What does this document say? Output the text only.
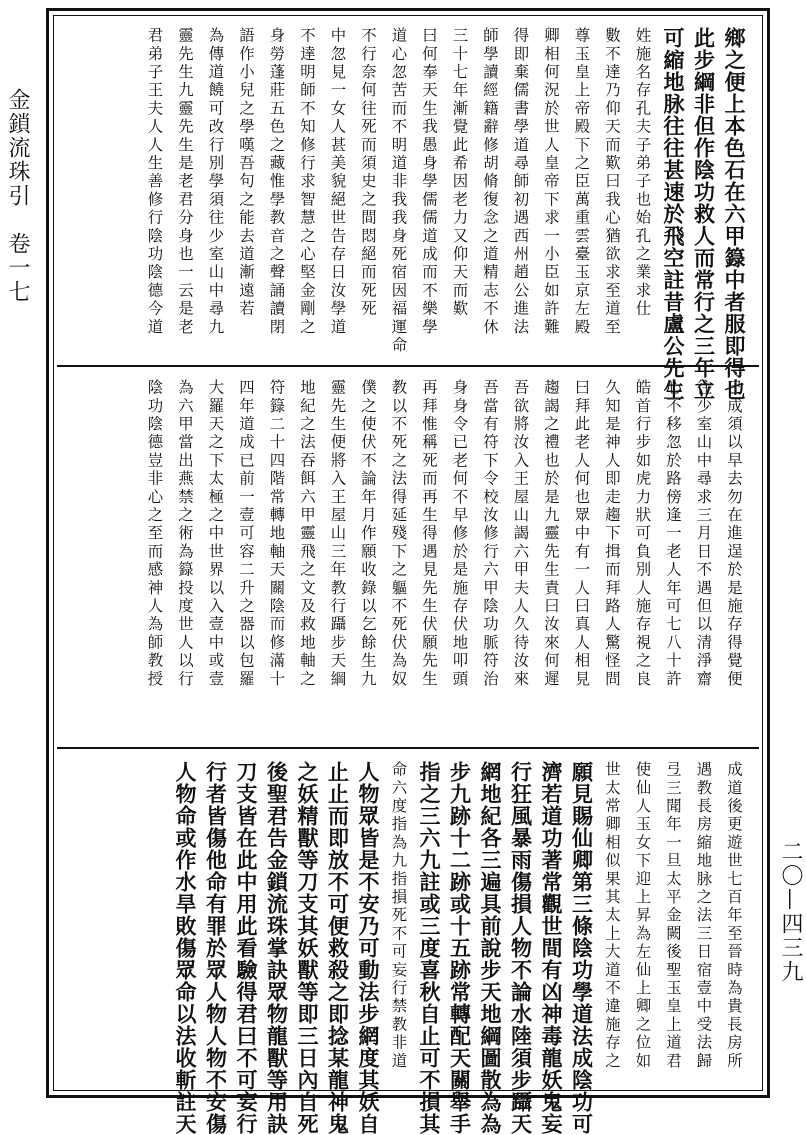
金鎖流珠引　卷一七
二〇—四三九
鄉之便上本色石在六甲籙中者服即得也
此步綱非但作陰功救人而常行之三年立
可縮地脉往往甚速於飛空註昔盧公先生
姓施名存孔夫子弟子也始孔之業求仕
數不達乃仰天而歎曰我心猶欲求至道至
尊玉皇上帝殿下之臣萬重雲臺玉京左殿
卿相何況於世人皇帝下求一小臣如許難
得即棄儒書學道尋師初遇西州趙公進法
師學讀經籍辭修胡脩復念之道精志不休
三十七年漸覺此希因老力又仰天而歎
曰何奉天生我愚身學儒儒道成而不樂學
道心忽苦而不明道非我我身死宿因福運命
不行奈何往死而須史之間悶絕而死死
中忽見一女人甚美貌絕世告存日汝學道
不達明師不知修行求智慧之心堅金剛之
身勞蓬莊五色之藏惟學教音之聲誦讀閉
語作小兒之學嘆吾句之能去道漸遠若
為傳道饒可改行別學須往少室山中尋九
靈先生九靈先生是老君分身也一云是老
君弟子王夫人人生善修行陰功陰德今道
已成須以早去勿在進逞於是施存得覺便
往少室山中尋求三月日不遇但以清淨齋
心不移忽於路傍逢一老人年可七八十許
皓首行步如虎力狀可負別人施存視之良
久知是神人即走趨下揖而拜路人驚怪問
曰拜此老人何也眾中有一人曰真人相見
趨謁之禮也於是九靈先生責曰汝來何遲
吾欲將汝入王屋山謁六甲夫人久待汝來
吾當有符下令校汝修行六甲陰功脈符治
身身令已老何不早修於是施存伏地叩頭
再拜惟稱死而再生得遇見先生伏願先生
教以不死之法得延殘下之軀不死伏為奴
僕之使伏不論年月作願收錄以乞餘生九
靈先生便將入王屋山三年教行躡步天綱
地紀之法吞餌六甲靈飛之文及救地軸之
符籙二十四階常轉地軸天關陰而修滿十
四年道成已前一壹可容二升之器以包羅
大羅天之下太極之中世界以入壹中或壹
為六甲當出燕禁之術為籙投度世人以行
陰功陰德豈非心之至而感神人為師教授
成道後更遊世七百年至晉時為貴長房所
遇教長房縮地脉之法三日宿壹中受法歸
弖三聞年一旦太平金闕後聖玉皇上道君
使仙人玉女下迎上昇為左仙上卿之位如
世太常卿相似果其太上大道不違施存之
願見賜仙卿第三條陰功學道法成陰功可
濟若道功著常觀世間有凶神毒龍妖鬼妄
行狂風暴雨傷損人物不論水陸須步躡天
網地紀各三遍具前說步天地綱圖散為為
步九跡十二跡或十五跡常轉配天關舉手
指之三六九註或三度喜秋自止可不損其
命六度指為九指損死不可妄行禁教非道
人物眾皆是不安乃可動法步網度其妖自
止止而即放不可便救殺之即捻某龍神鬼
之妖精獸等刀支其妖獸等即三日內自死
後聖君告金鎖流珠掌訣眾物龍獸等用訣
刀支皆在此中用此看驗得君曰不可妄行
行者皆傷他命有罪於眾人物人物不安傷
人物命或作水旱敗傷眾命以法收斬註天
